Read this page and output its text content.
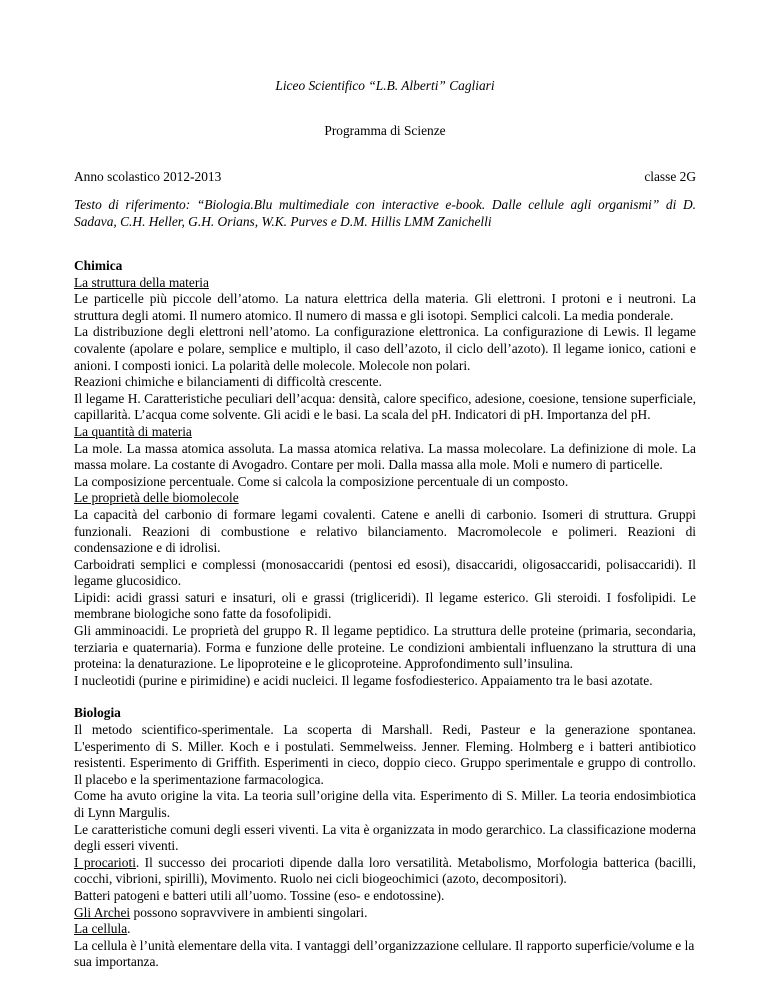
Liceo Scientifico “L.B. Alberti” Cagliari
Programma di Scienze
Anno scolastico 2012-2013	classe 2G
Testo di riferimento: “Biologia.Blu multimediale con interactive e-book. Dalle cellule agli organismi” di D. Sadava, C.H. Heller, G.H. Orians, W.K. Purves e D.M. Hillis LMM Zanichelli
Chimica
La struttura della materia

Le particelle più piccole dell’atomo. La natura elettrica della materia. Gli elettroni. I protoni e i neutroni. La struttura degli atomi. Il numero atomico. Il numero di massa e gli isotopi. Semplici calcoli. La media ponderale.

La distribuzione degli elettroni nell’atomo. La configurazione elettronica. La configurazione di Lewis. Il legame covalente (apolare e polare, semplice e multiplo, il caso dell’azoto, il ciclo dell’azoto). Il legame ionico, cationi e anioni. I composti ionici. La polarità delle molecole. Molecole non polari.

Reazioni chimiche e bilanciamenti di difficoltà crescente.

Il legame H. Caratteristiche peculiari dell’acqua: densità, calore specifico, adesione, coesione, tensione superficiale, capillarità. L’acqua come solvente. Gli acidi e le basi. La scala del pH. Indicatori di pH. Importanza del pH.

La quantità di materia

La mole. La massa atomica assoluta. La massa atomica relativa. La massa molecolare. La definizione di mole. La massa molare. La costante di Avogadro. Contare per moli. Dalla massa alla mole. Moli e numero di particelle.

La composizione percentuale. Come si calcola la composizione percentuale di un composto.

Le proprietà delle biomolecole

La capacità del carbonio di formare legami covalenti. Catene e anelli di carbonio. Isomeri di struttura. Gruppi funzionali. Reazioni di combustione e relativo bilanciamento. Macromolecole e polimeri. Reazioni di condensazione e di idrolisi.

Carboidrati semplici e complessi (monosaccaridi (pentosi ed esosi), disaccaridi, oligosaccaridi, polisaccaridi). Il legame glucosidico.

Lipidi: acidi grassi saturi e insaturi, oli e grassi (trigliceridi). Il legame esterico. Gli steroidi. I fosfolipidi. Le membrane biologiche sono fatte da fosofolipidi.

Gli amminoacidi. Le proprietà del gruppo R. Il legame peptidico. La struttura delle proteine (primaria, secondaria, terziaria e quaternaria). Forma e funzione delle proteine. Le condizioni ambientali influenzano la struttura di una proteina: la denaturazione. Le lipoproteine e le glicoproteine. Approfondimento sull’insulina.

I nucleotidi (purine e pirimidine) e acidi nucleici. Il legame fosfodiesterico. Appaiamento tra le basi azotate.

Biologia

Il metodo scientifico-sperimentale. La scoperta di Marshall. Redi, Pasteur e la generazione spontanea. L'esperimento di S. Miller. Koch e i postulati. Semmelweiss. Jenner. Fleming. Holmberg e i batteri antibiotico resistenti. Esperimento di Griffith. Esperimenti in cieco, doppio cieco. Gruppo sperimentale e gruppo di controllo. Il placebo e la sperimentazione farmacologica.

Come ha avuto origine la vita. La teoria sull’origine della vita. Esperimento di S. Miller. La teoria endosimbiotica di Lynn Margulis.

Le caratteristiche comuni degli esseri viventi. La vita è organizzata in modo gerarchico. La classificazione moderna degli esseri viventi.

I procarioti. Il successo dei procarioti dipende dalla loro versatilità. Metabolismo, Morfologia batterica (bacilli, cocchi, vibrioni, spirilli), Movimento. Ruolo nei cicli biogeochimici (azoto, decompositori).

Batteri patogeni e batteri utili all’uomo. Tossine (eso- e endotossine).

Gli Archei possono sopravvivere in ambienti singolari.

La cellula.

La cellula è l’unità elementare della vita. I vantaggi dell’organizzazione cellulare. Il rapporto superficie/volume e la sua importanza.
